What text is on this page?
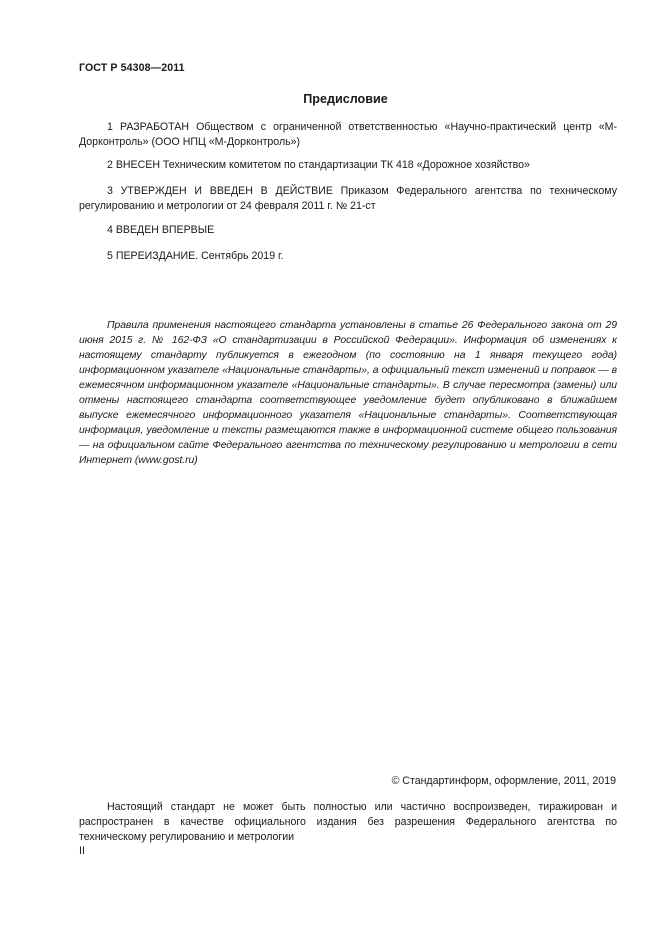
ГОСТ Р 54308—2011
Предисловие
1 РАЗРАБОТАН Обществом с ограниченной ответственностью «Научно-практический центр «М-Дорконтроль» (ООО НПЦ «М-Дорконтроль»)
2 ВНЕСЕН Техническим комитетом по стандартизации ТК 418 «Дорожное хозяйство»
3 УТВЕРЖДЕН И ВВЕДЕН В ДЕЙСТВИЕ Приказом Федерального агентства по техническому регулированию и метрологии от 24 февраля 2011 г. № 21-ст
4 ВВЕДЕН ВПЕРВЫЕ
5 ПЕРЕИЗДАНИЕ. Сентябрь 2019 г.
Правила применения настоящего стандарта установлены в статье 26 Федерального закона от 29 июня 2015 г. № 162-ФЗ «О стандартизации в Российской Федерации». Информация об изменениях к настоящему стандарту публикуется в ежегодном (по состоянию на 1 января текущего года) информационном указателе «Национальные стандарты», а официальный текст изменений и поправок — в ежемесячном информационном указателе «Национальные стандарты». В случае пересмотра (замены) или отмены настоящего стандарта соответствующее уведомление будет опубликовано в ближайшем выпуске ежемесячного информационного указателя «Национальные стандарты». Соответствующая информация, уведомление и тексты размещаются также в информационной системе общего пользования — на официальном сайте Федерального агентства по техническому регулированию и метрологии в сети Интернет (www.gost.ru)
© Стандартинформ, оформление, 2011, 2019
Настоящий стандарт не может быть полностью или частично воспроизведен, тиражирован и распространен в качестве официального издания без разрешения Федерального агентства по техническому регулированию и метрологии
II
